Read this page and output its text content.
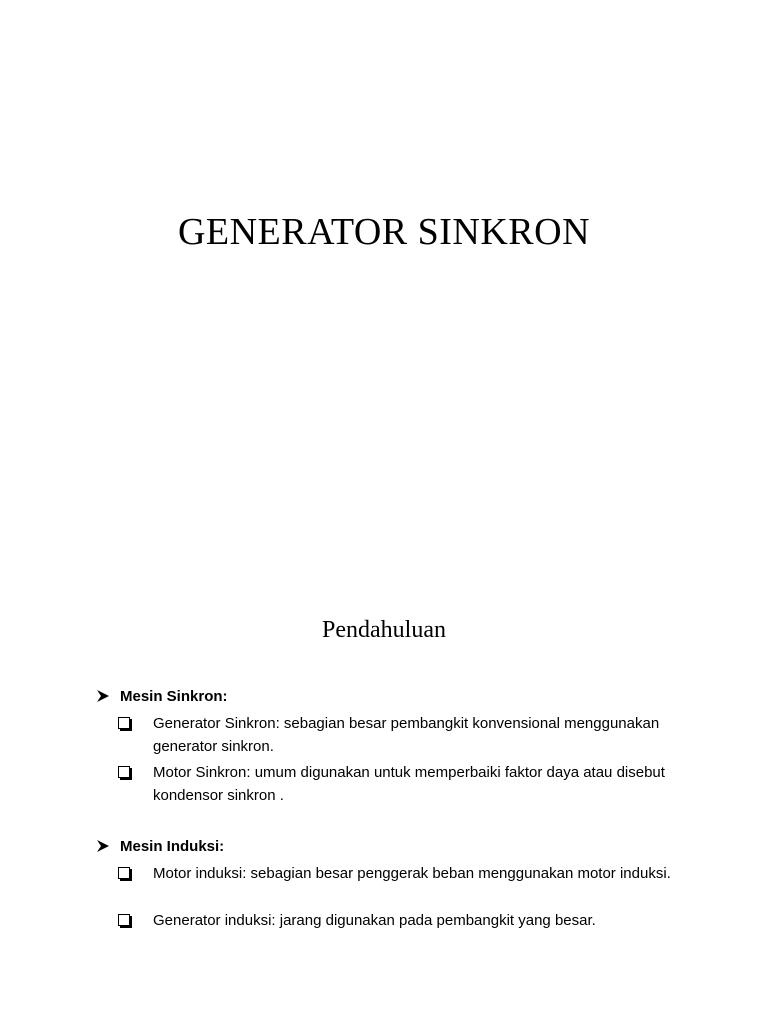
GENERATOR SINKRON
Pendahuluan
Mesin Sinkron:
Generator Sinkron: sebagian besar pembangkit konvensional menggunakan generator sinkron.
Motor Sinkron: umum digunakan untuk memperbaiki faktor daya atau disebut kondensor sinkron .
Mesin Induksi:
Motor induksi: sebagian besar penggerak beban menggunakan motor induksi.
Generator induksi: jarang digunakan pada pembangkit yang besar.
